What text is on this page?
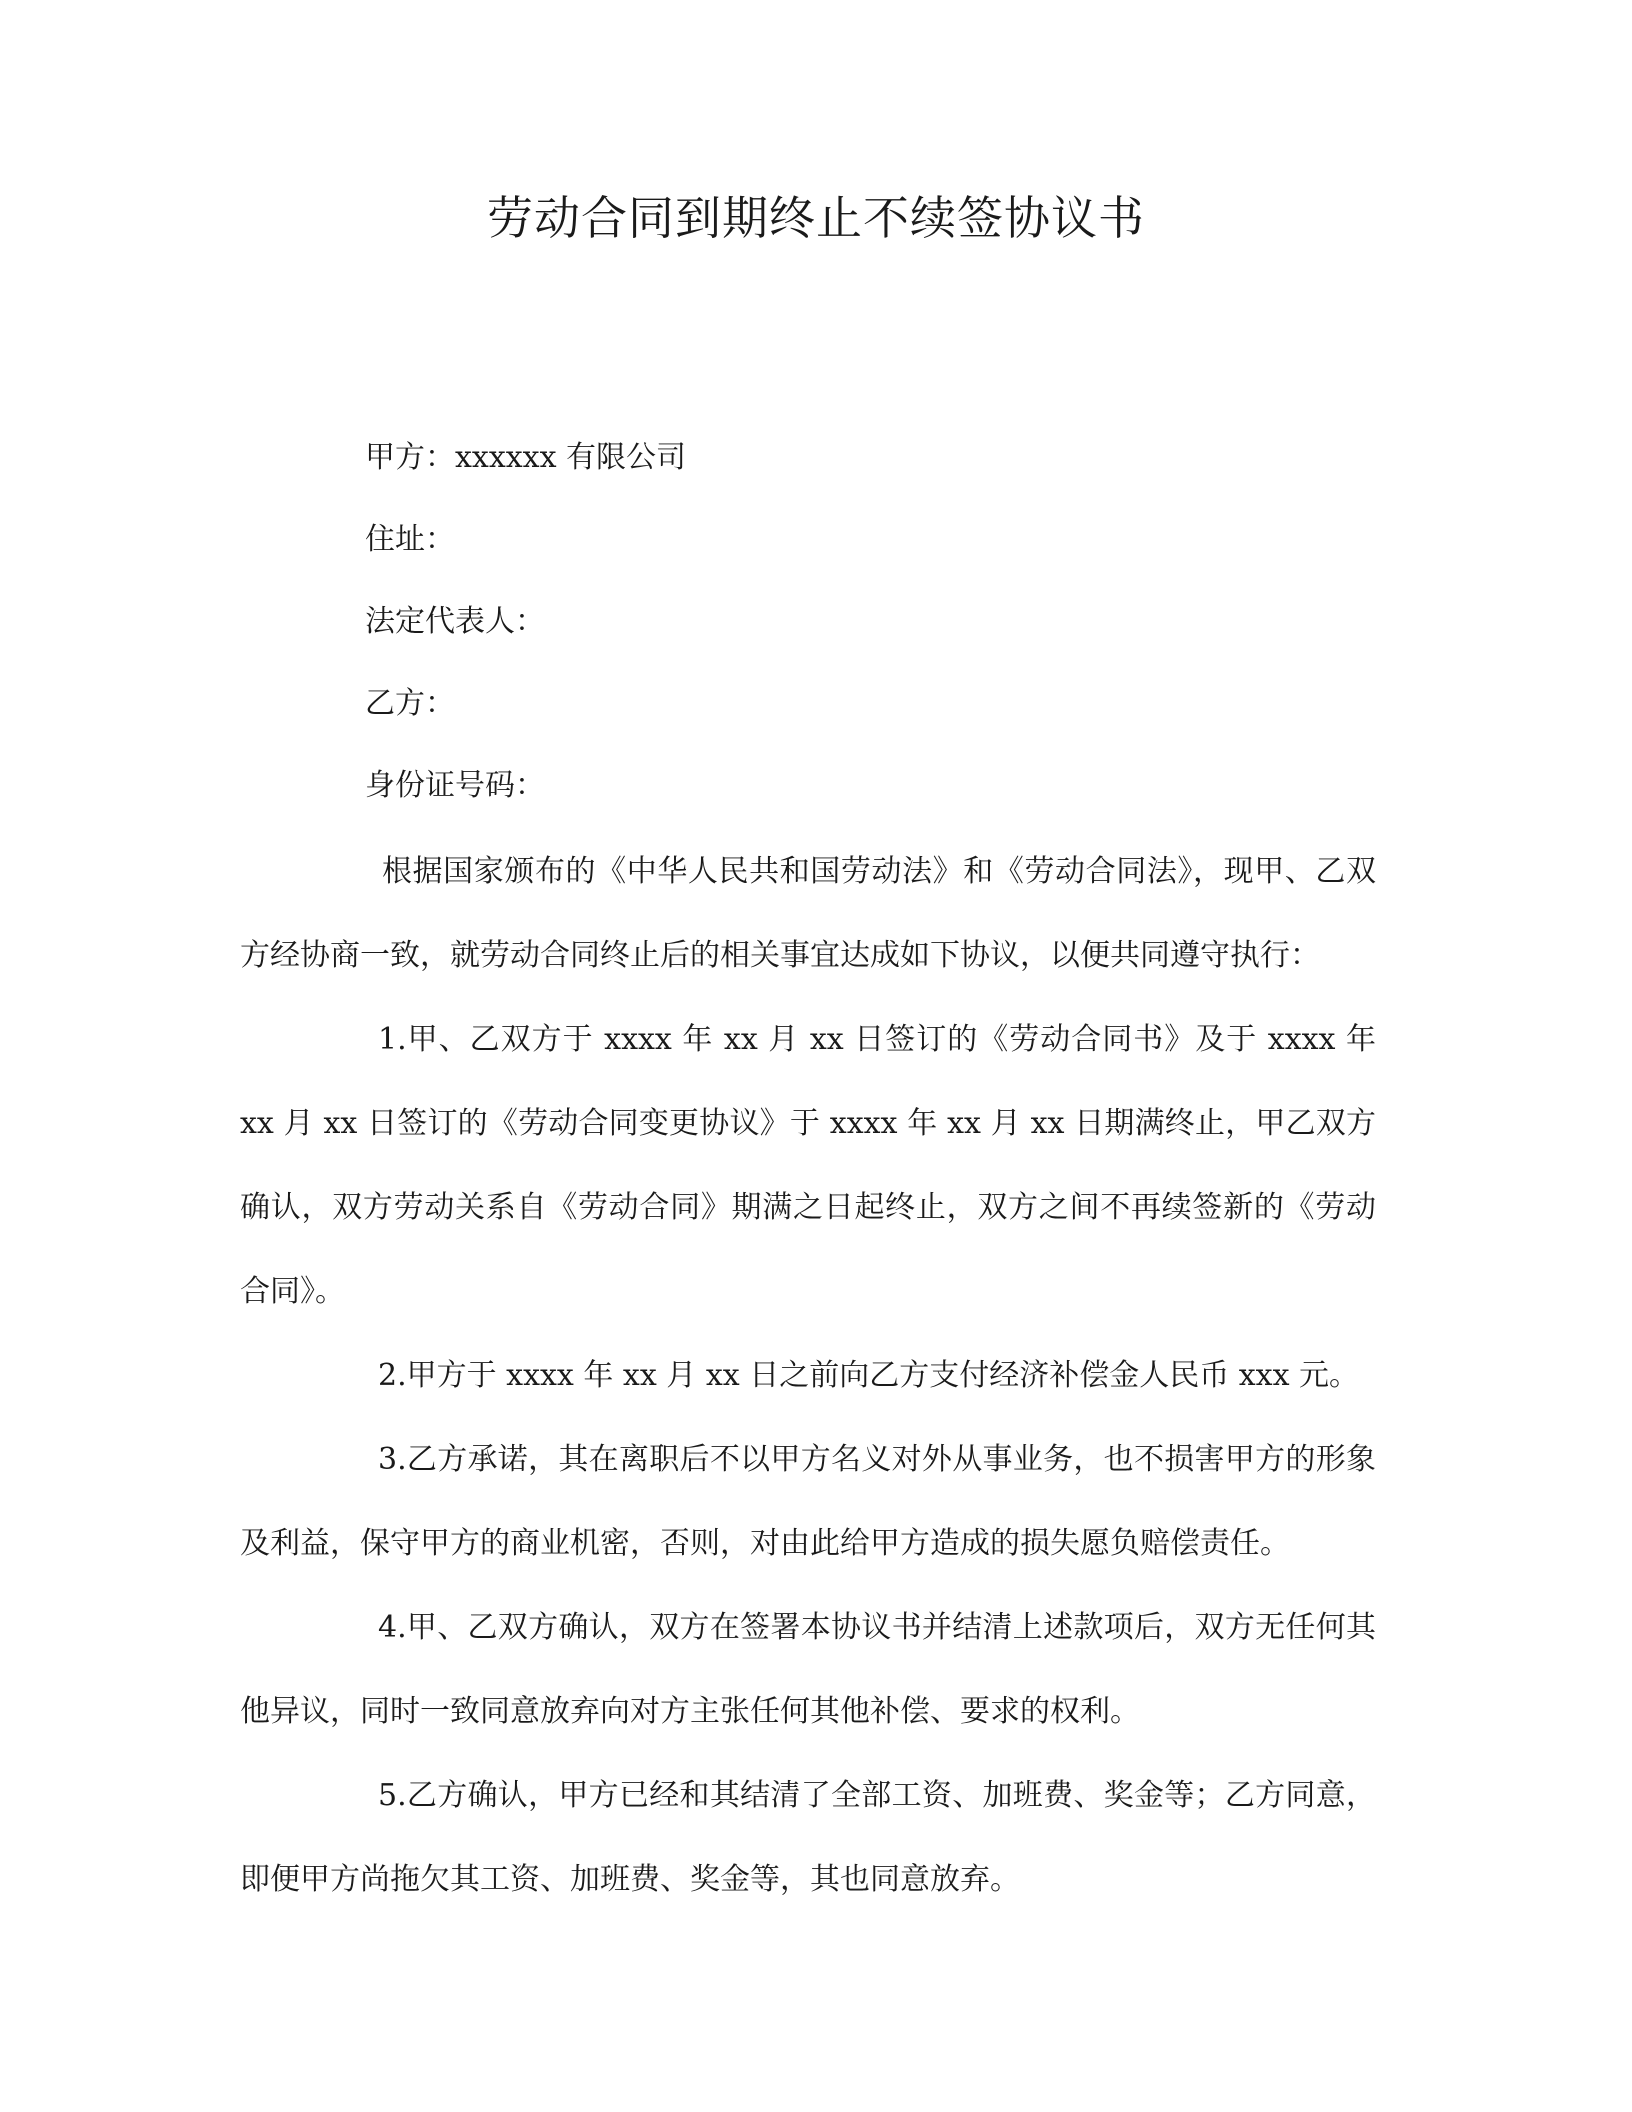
劳动合同到期终止不续签协议书
甲方：xxxxxx 有限公司
住址：
法定代表人：
乙方：
身份证号码：

根据国家颁布的《中华人民共和国劳动法》和《劳动合同法》，现甲、乙双方经协商一致，就劳动合同终止后的相关事宜达成如下协议，以便共同遵守执行：

1.甲、乙双方于 xxxx 年 xx 月 xx 日签订的《劳动合同书》及于 xxxx 年 xx 月 xx 日签订的《劳动合同变更协议》于 xxxx 年 xx 月 xx 日期满终止，甲乙双方确认，双方劳动关系自《劳动合同》期满之日起终止，双方之间不再续签新的《劳动合同》。

2.甲方于 xxxx 年 xx 月 xx 日之前向乙方支付经济补偿金人民币 xxx 元。

3.乙方承诺，其在离职后不以甲方名义对外从事业务，也不损害甲方的形象及利益，保守甲方的商业机密，否则，对由此给甲方造成的损失愿负赔偿责任。

4.甲、乙双方确认，双方在签署本协议书并结清上述款项后，双方无任何其他异议，同时一致同意放弃向对方主张任何其他补偿、要求的权利。

5.乙方确认，甲方已经和其结清了全部工资、加班费、奖金等；乙方同意，即便甲方尚拖欠其工资、加班费、奖金等，其也同意放弃。
